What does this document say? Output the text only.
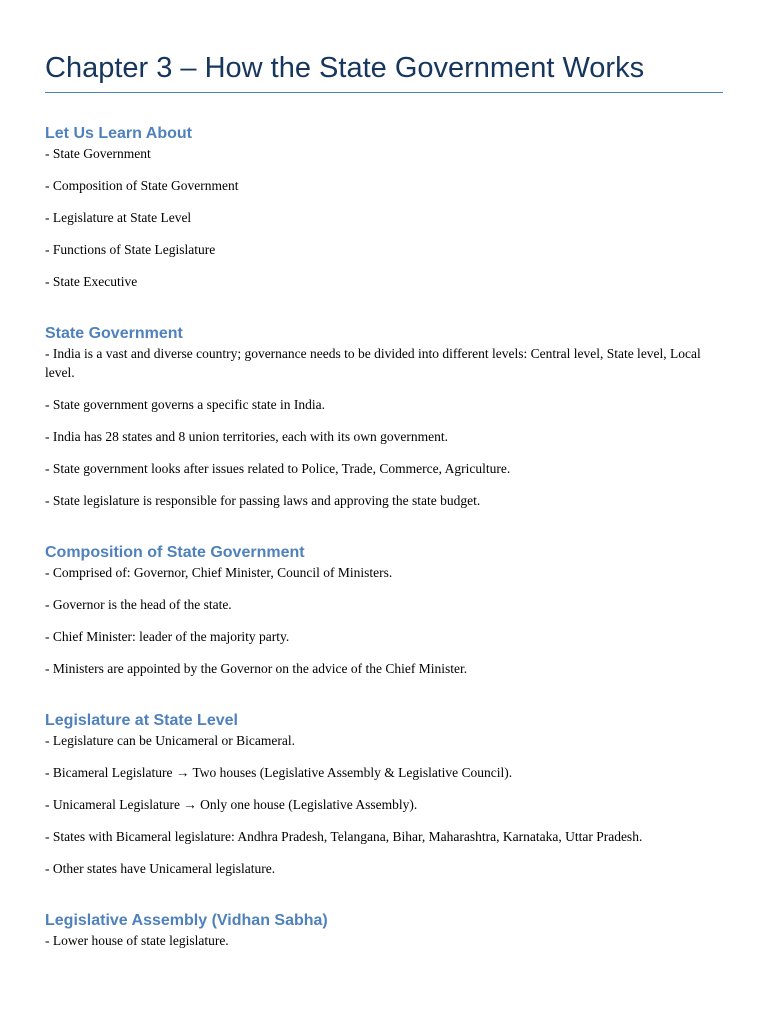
Chapter 3 – How the State Government Works
Let Us Learn About

- State Government

- Composition of State Government

- Legislature at State Level

- Functions of State Legislature

- State Executive

State Government

- India is a vast and diverse country; governance needs to be divided into different levels: Central level, State level, Local level.

- State government governs a specific state in India.

- India has 28 states and 8 union territories, each with its own government.

- State government looks after issues related to Police, Trade, Commerce, Agriculture.

- State legislature is responsible for passing laws and approving the state budget.

Composition of State Government

- Comprised of: Governor, Chief Minister, Council of Ministers.

- Governor is the head of the state.

- Chief Minister: leader of the majority party.

- Ministers are appointed by the Governor on the advice of the Chief Minister.

Legislature at State Level

- Legislature can be Unicameral or Bicameral.

- Bicameral Legislature → Two houses (Legislative Assembly & Legislative Council).

- Unicameral Legislature → Only one house (Legislative Assembly).

- States with Bicameral legislature: Andhra Pradesh, Telangana, Bihar, Maharashtra, Karnataka, Uttar Pradesh.

- Other states have Unicameral legislature.

Legislative Assembly (Vidhan Sabha)

- Lower house of state legislature.
